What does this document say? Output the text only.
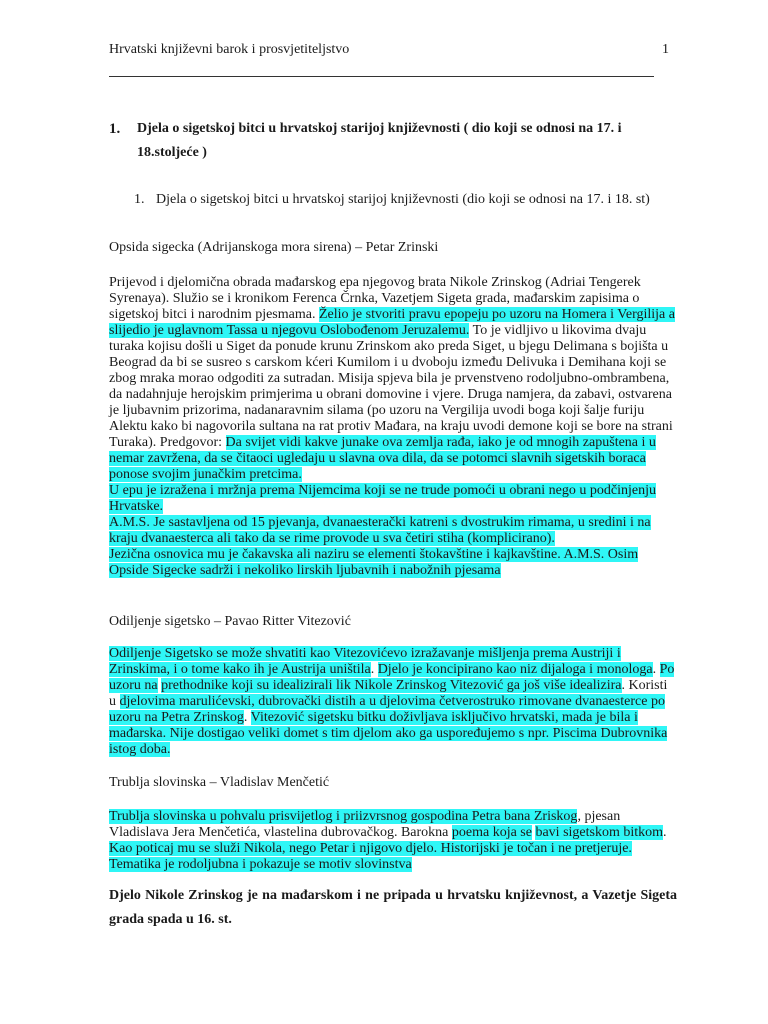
Hrvatski književni barok i prosvjetiteljstvo	1
1. Djela o sigetskoj bitci u hrvatskoj starijoj književnosti ( dio koji se odnosi na 17. i 18.stoljeće )
1. Djela o sigetskoj bitci u hrvatskoj starijoj književnosti (dio koji se odnosi na 17. i 18. st)
Opsida sigecka (Adrijanskoga mora sirena) – Petar Zrinski
Prijevod i djelomična obrada mađarskog epa njegovog brata Nikole Zrinskog (Adriai Tengerek Syrenaya). Služio se i kronikom Ferenca Črnka, Vazetjem Sigeta grada, mađarskim zapisima o sigetskoj bitci i narodnim pjesmama. Želio je stvoriti pravu epopeju po uzoru na Homera i Vergilija a slijedio je uglavnom Tassa u njegovu Oslobođenom Jeruzalemu. To je vidljivo u likovima dvaju turaka kojisu došli u Siget da ponude krunu Zrinskom ako preda Siget, u bjegu Delimana s bojišta u Beograd da bi se susreo s carskom kćeri Kumilom i u dvoboju između Delivuka i Demihana koji se zbog mraka morao odgoditi za sutradan. Misija spjeva bila je prvenstveno rodoljubno-ombrambena, da nadahnjuje herojskim primjerima u obrani domovine i vjere. Druga namjera, da zabavi, ostvarena je ljubavnim prizorima, nadanaravnim silama (po uzoru na Vergilija uvodi boga koji šalje furiju Alektu kako bi nagovorila sultana na rat protiv Mađara, na kraju uvodi demone koji se bore na strani Turaka). Predgovor: Da svijet vidi kakve junake ova zemlja rađa, iako je od mnogih zapuštena i u nemar zavržena, da se čitaoci ugledaju u slavna ova dila, da se potomci slavnih sigetskih boraca ponose svojim junačkim pretcima.
U epu je izražena i mržnja prema Nijemcima koji se ne trude pomoći u obrani nego u podčinjenju Hrvatske.
A.M.S. Je sastavljena od 15 pjevanja, dvanaesterački katreni s dvostrukim rimama, u sredini i na kraju dvanaesterca ali tako da se rime provode u sva četiri stiha (komplicirano).
Jezična osnovica mu je čakavska ali naziru se elementi štokavštine i kajkavštine. A.M.S. Osim Opside Sigecke sadrži i nekoliko lirskih ljubavnih i nabožnih pjesama
Odiljenje sigetsko – Pavao Ritter Vitezović
Odiljenje Sigetsko se može shvatiti kao Vitezovićevo izražavanje mišljenja prema Austriji i Zrinskima, i o tome kako ih je Austrija uništila. Djelo je koncipirano kao niz dijaloga i monologa. Po uzoru na prethodnike koji su idealizirali lik Nikole Zrinskog Vitezović ga još više idealizira. Koristi u djelovima marulićevski, dubrovački distih a u djelovima četverostruko rimovane dvanaesterce po uzoru na Petra Zrinskog. Vitezović sigetsku bitku doživljava isključivo hrvatski, mada je bila i mađarska. Nije dostigao veliki domet s tim djelom ako ga uspoređujemo s npr. Piscima Dubrovnika istog doba.
Trublja slovinska – Vladislav Menčetić
Trublja slovinska u pohvalu prisvijetlog i priizvrsnog gospodina Petra bana Zriskog, pjesan Vladislava Jera Menčetića, vlastelina dubrovačkog. Barokna poema koja se bavi sigetskom bitkom. Kao poticaj mu se služi Nikola, nego Petar i njigovo djelo. Historijski je točan i ne pretjeruje. Tematika je rodoljubna i pokazuje se motiv slovinstva
Djelo Nikole Zrinskog je na mađarskom i ne pripada u hrvatsku književnost, a Vazetje Sigeta grada spada u 16. st.
